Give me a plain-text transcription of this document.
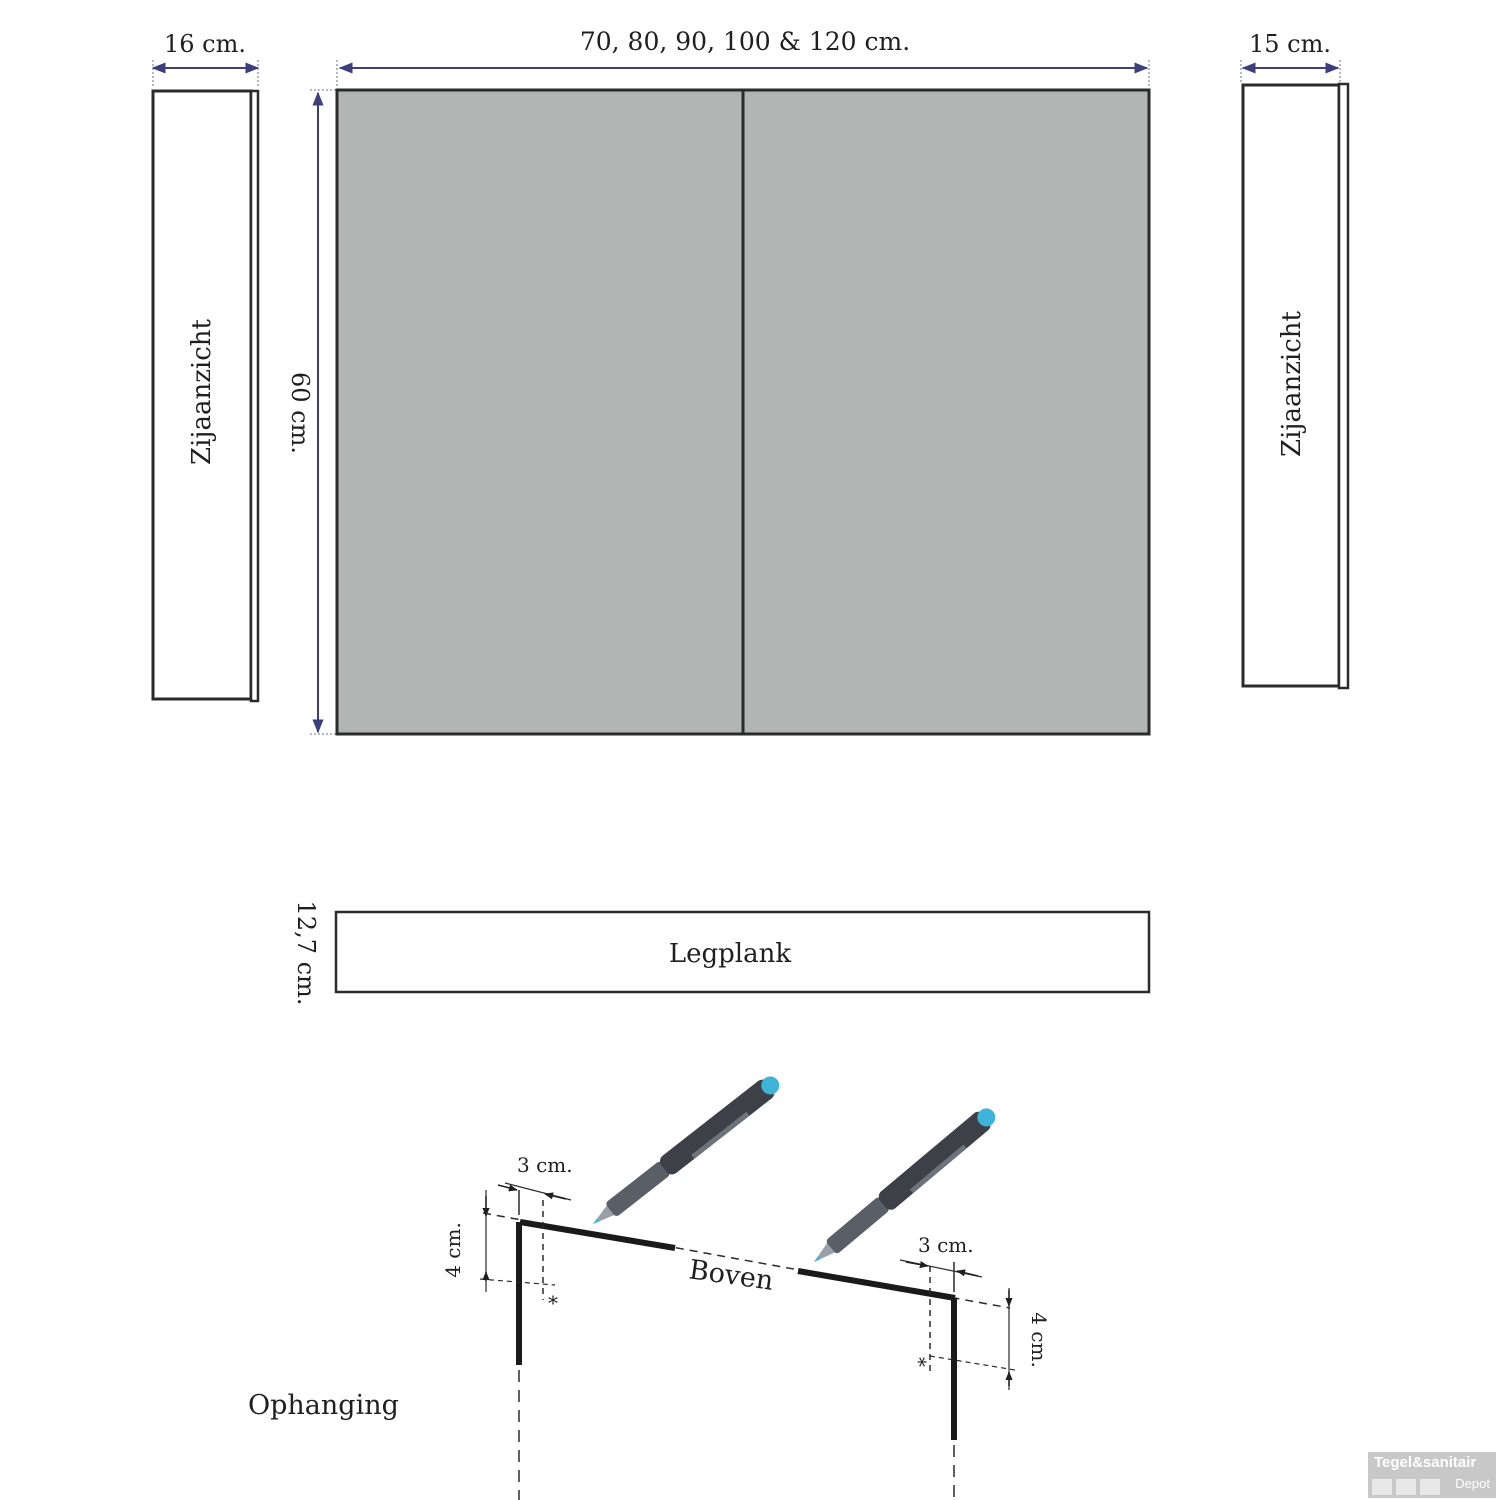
16 cm.
Zijaanzicht
70, 80, 90, 100 & 120 cm.
60 cm.
15 cm.
Zijaanzicht
Legplank
12,7 cm.
Ophanging
3 cm.
4 cm.
*
3 cm.
4 cm.
*
Boven
Tegel&sanitair
Depot
